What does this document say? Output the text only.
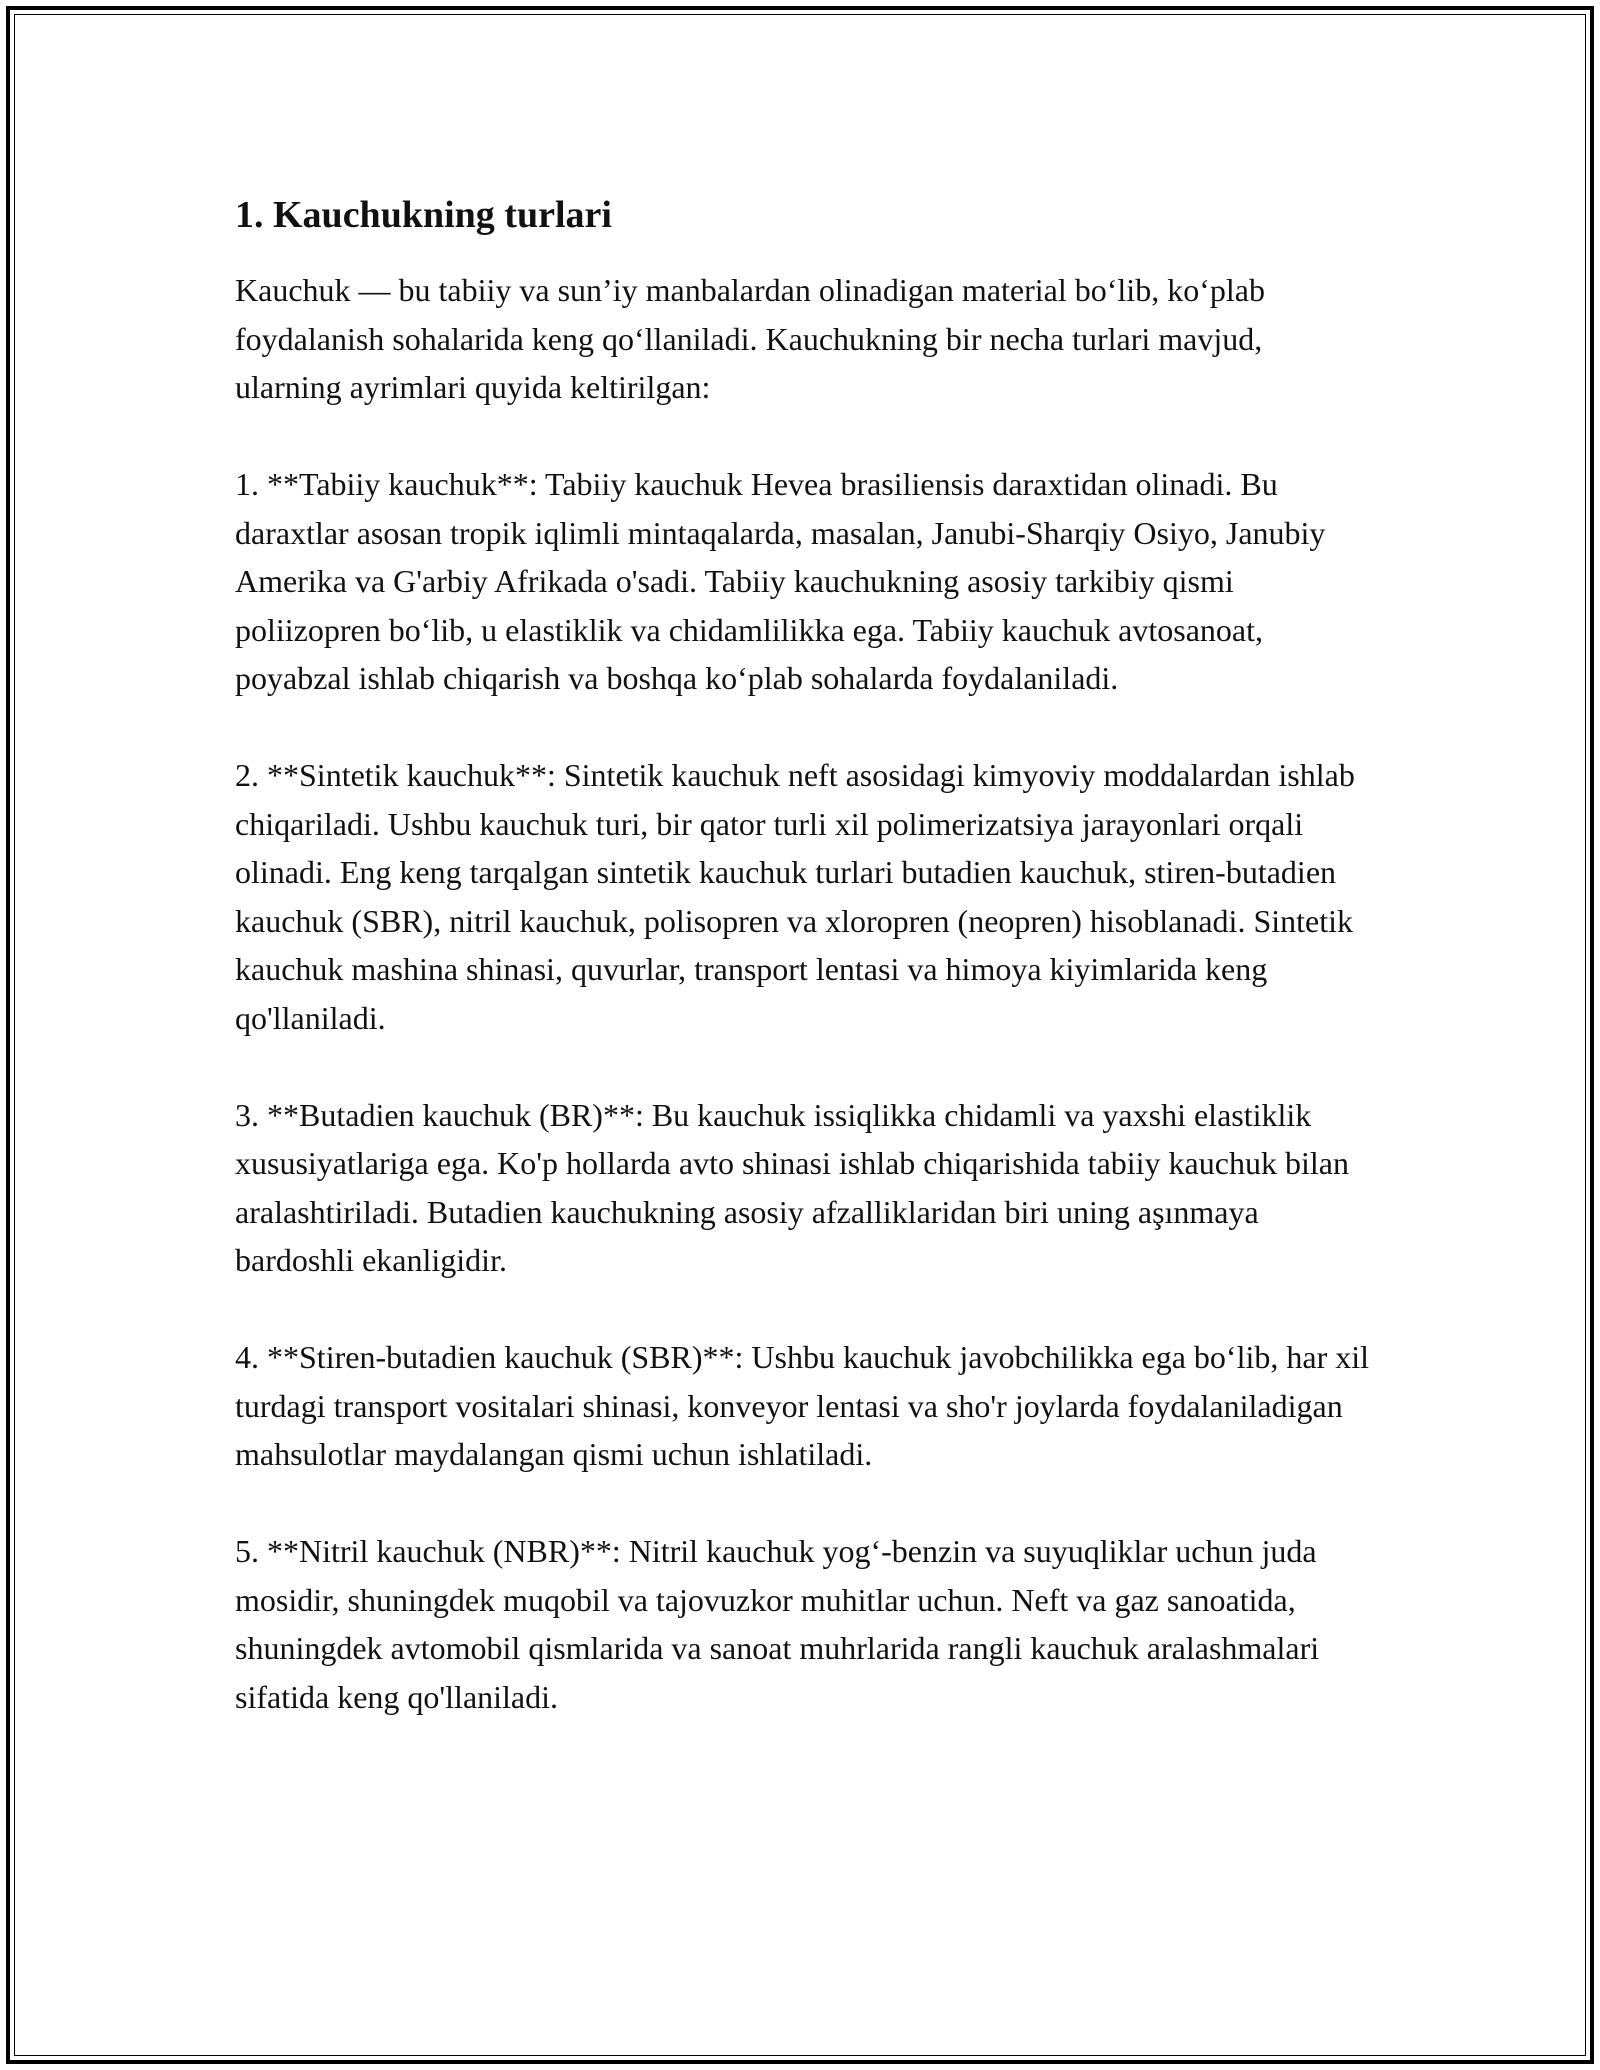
1. Kauchukning turlari

Kauchuk — bu tabiiy va sun’iy manbalardan olinadigan material bo‘lib, ko‘plab foydalanish sohalarida keng qo‘llaniladi. Kauchukning bir necha turlari mavjud, ularning ayrimlari quyida keltirilgan:

1. **Tabiiy kauchuk**: Tabiiy kauchuk Hevea brasiliensis daraxtidan olinadi. Bu daraxtlar asosan tropik iqlimli mintaqalarda, masalan, Janubi-Sharqiy Osiyo, Janubiy Amerika va G'arbiy Afrikada o'sadi. Tabiiy kauchukning asosiy tarkibiy qismi poliizopren bo‘lib, u elastiklik va chidamlilikka ega. Tabiiy kauchuk avtosanoat, poyabzal ishlab chiqarish va boshqa ko‘plab sohalarda foydalaniladi.

2. **Sintetik kauchuk**: Sintetik kauchuk neft asosidagi kimyoviy moddalardan ishlab chiqariladi. Ushbu kauchuk turi, bir qator turli xil polimerizatsiya jarayonlari orqali olinadi. Eng keng tarqalgan sintetik kauchuk turlari butadien kauchuk, stiren-butadien kauchuk (SBR), nitril kauchuk, polisopren va xloropren (neopren) hisoblanadi. Sintetik kauchuk mashina shinasi, quvurlar, transport lentasi va himoya kiyimlarida keng qo'llaniladi.

3. **Butadien kauchuk (BR)**: Bu kauchuk issiqlikka chidamli va yaxshi elastiklik xususiyatlariga ega. Ko'p hollarda avto shinasi ishlab chiqarishida tabiiy kauchuk bilan aralashtiriladi. Butadien kauchukning asosiy afzalliklaridan biri uning aşınmaya bardoshli ekanligidir.

4. **Stiren-butadien kauchuk (SBR)**: Ushbu kauchuk javobchilikka ega bo‘lib, har xil turdagi transport vositalari shinasi, konveyor lentasi va sho'r joylarda foydalaniladigan mahsulotlar maydalangan qismi uchun ishlatiladi.

5. **Nitril kauchuk (NBR)**: Nitril kauchuk yog‘-benzin va suyuqliklar uchun juda mosidir, shuningdek muqobil va tajovuzkor muhitlar uchun. Neft va gaz sanoatida, shuningdek avtomobil qismlarida va sanoat muhrlarida rangli kauchuk aralashmalari sifatida keng qo'llaniladi.
